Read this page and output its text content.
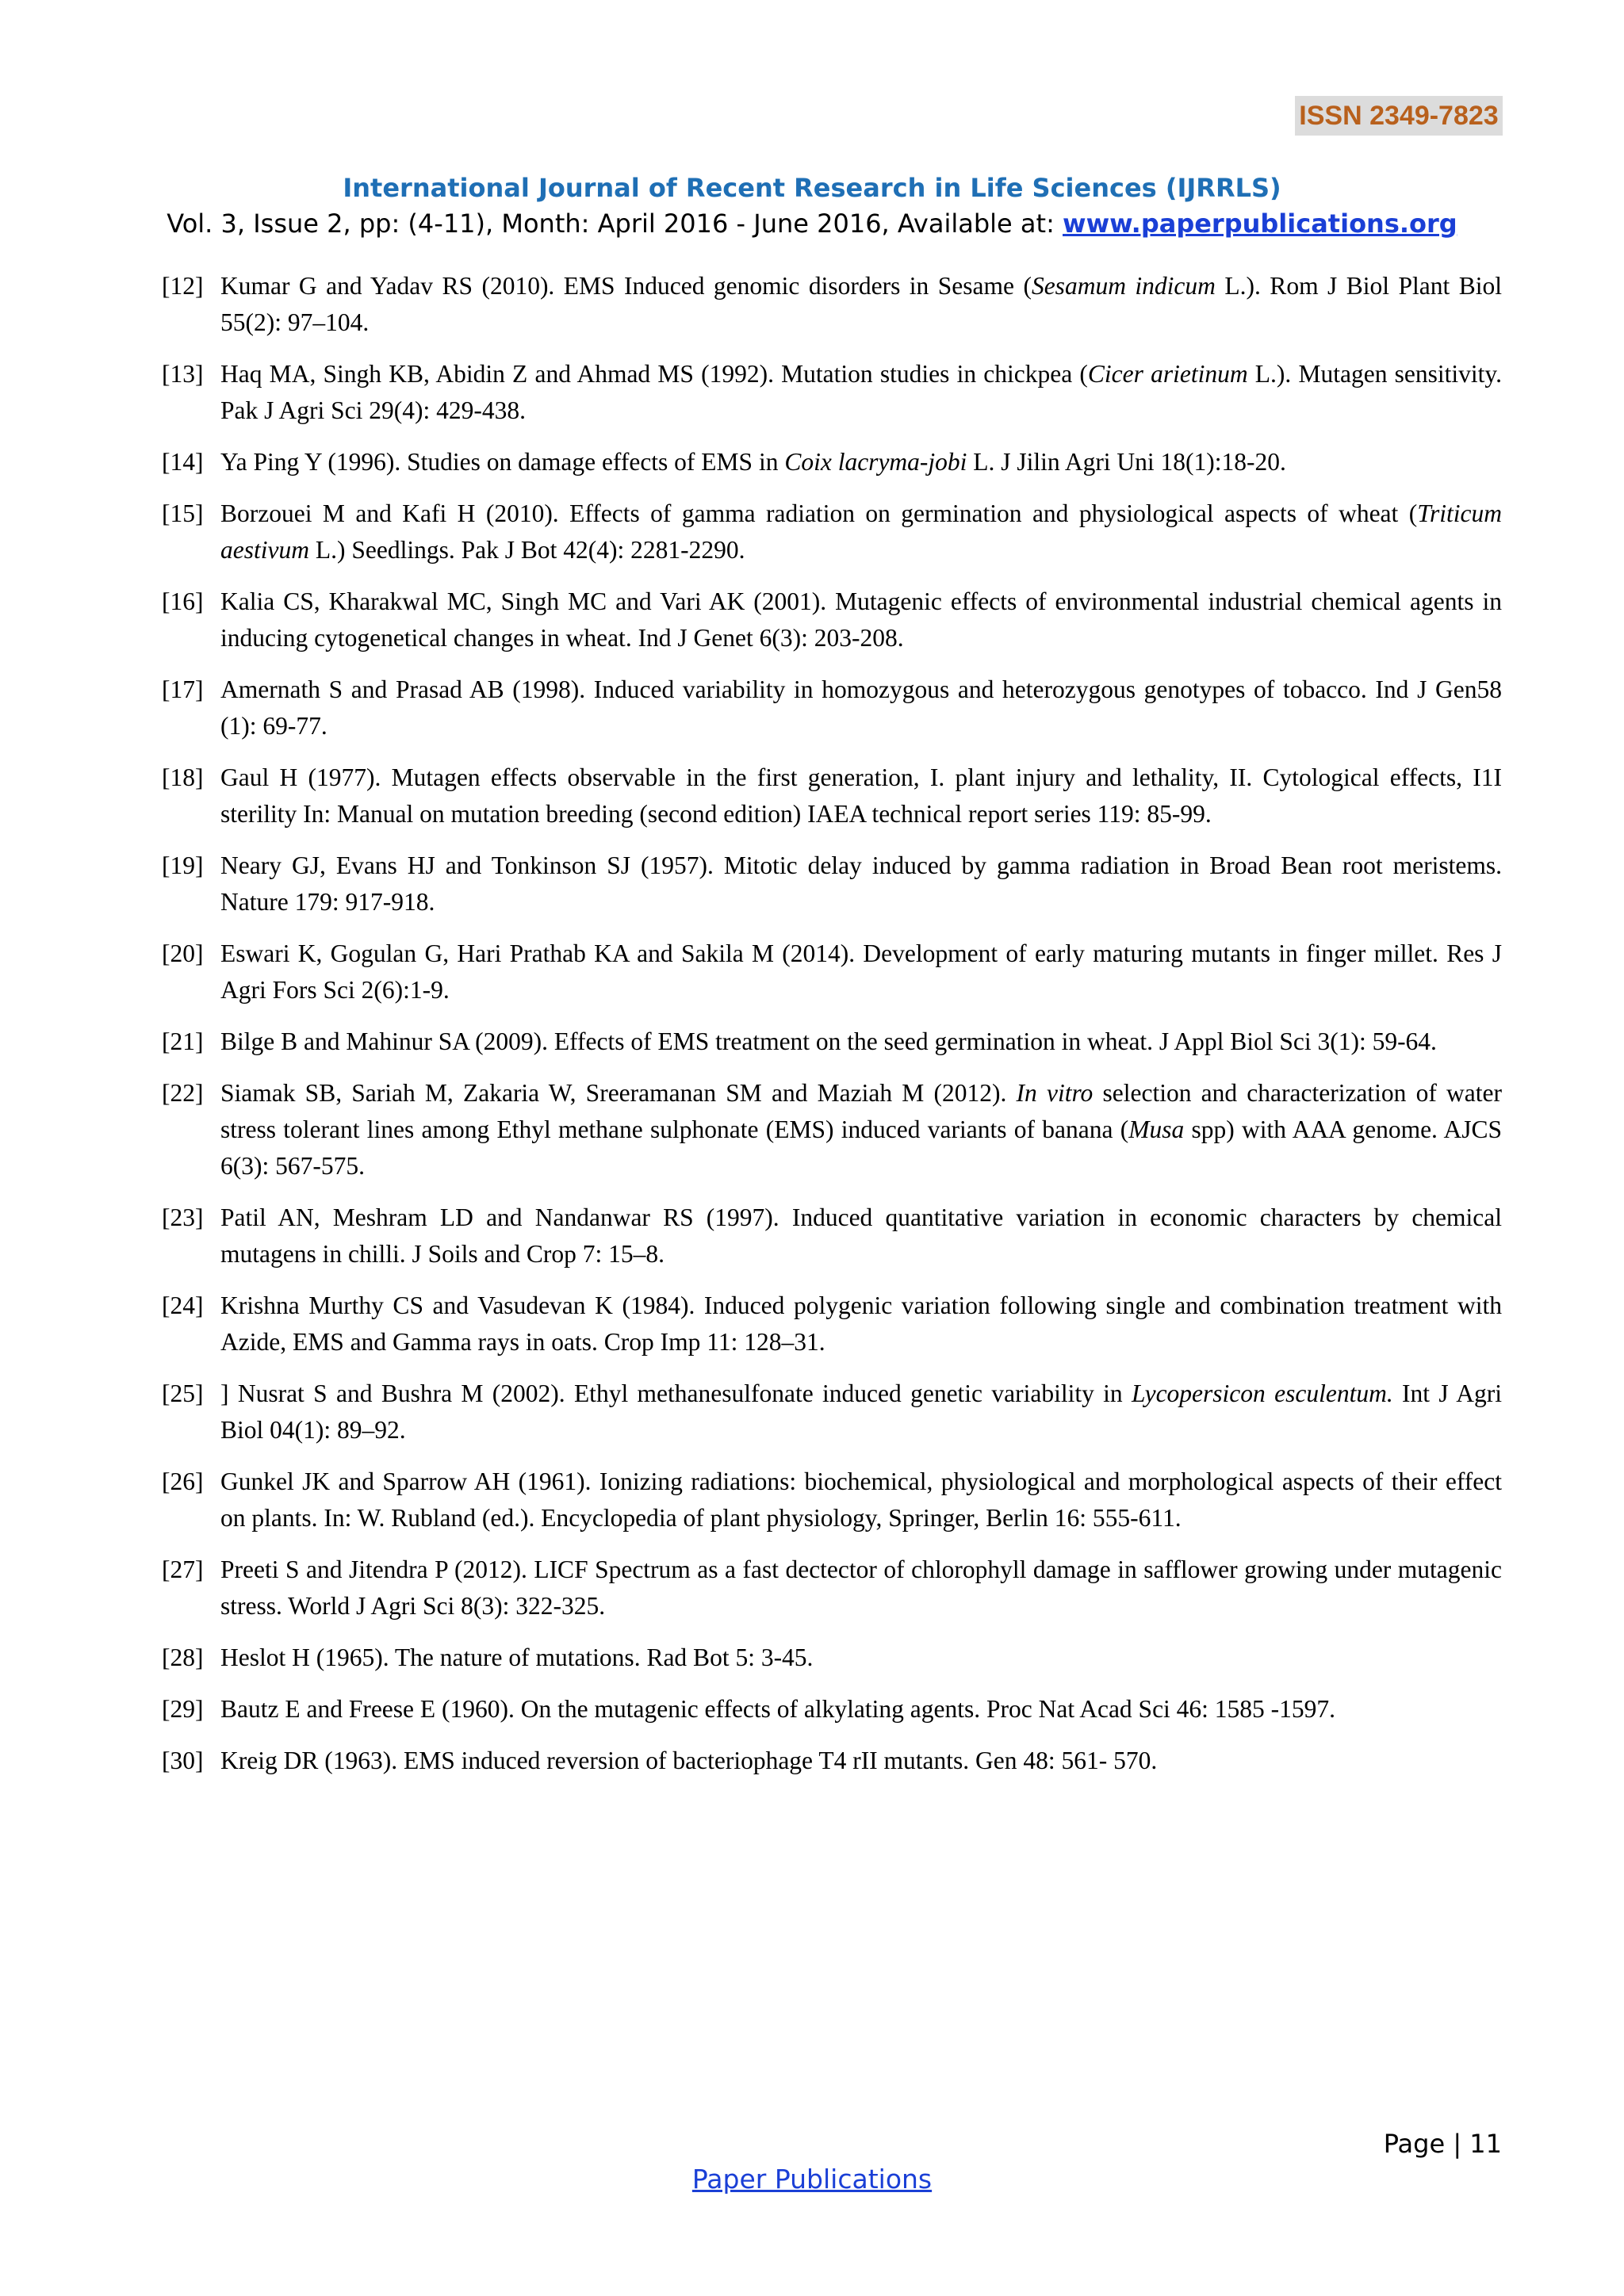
ISSN 2349-7823
International Journal of Recent Research in Life Sciences (IJRRLS)
Vol. 3, Issue 2, pp: (4-11), Month: April 2016 - June 2016, Available at: www.paperpublications.org
[12] Kumar G and Yadav RS (2010). EMS Induced genomic disorders in Sesame (Sesamum indicum L.). Rom J Biol Plant Biol 55(2): 97–104.
[13] Haq MA, Singh KB, Abidin Z and Ahmad MS (1992). Mutation studies in chickpea (Cicer arietinum L.). Mutagen sensitivity. Pak J Agri Sci 29(4): 429-438.
[14] Ya Ping Y (1996). Studies on damage effects of EMS in Coix lacryma-jobi L. J Jilin Agri Uni 18(1):18-20.
[15] Borzouei M and Kafi H (2010). Effects of gamma radiation on germination and physiological aspects of wheat (Triticum aestivum L.) Seedlings. Pak J Bot 42(4): 2281-2290.
[16] Kalia CS, Kharakwal MC, Singh MC and Vari AK (2001). Mutagenic effects of environmental industrial chemical agents in inducing cytogenetical changes in wheat. Ind J Genet 6(3): 203-208.
[17] Amernath S and Prasad AB (1998). Induced variability in homozygous and heterozygous genotypes of tobacco. Ind J Gen58 (1): 69-77.
[18] Gaul H (1977). Mutagen effects observable in the first generation, I. plant injury and lethality, II. Cytological effects, I1I sterility In: Manual on mutation breeding (second edition) IAEA technical report series 119: 85-99.
[19] Neary GJ, Evans HJ and Tonkinson SJ (1957). Mitotic delay induced by gamma radiation in Broad Bean root meristems. Nature 179: 917-918.
[20] Eswari K, Gogulan G, Hari Prathab KA and Sakila M (2014). Development of early maturing mutants in finger millet. Res J Agri Fors Sci 2(6):1-9.
[21] Bilge B and Mahinur SA (2009). Effects of EMS treatment on the seed germination in wheat. J Appl Biol Sci 3(1): 59-64.
[22] Siamak SB, Sariah M, Zakaria W, Sreeramanan SM and Maziah M (2012). In vitro selection and characterization of water stress tolerant lines among Ethyl methane sulphonate (EMS) induced variants of banana (Musa spp) with AAA genome. AJCS 6(3): 567-575.
[23] Patil AN, Meshram LD and Nandanwar RS (1997). Induced quantitative variation in economic characters by chemical mutagens in chilli. J Soils and Crop 7: 15–8.
[24] Krishna Murthy CS and Vasudevan K (1984). Induced polygenic variation following single and combination treatment with Azide, EMS and Gamma rays in oats. Crop Imp 11: 128–31.
[25] ] Nusrat S and Bushra M (2002). Ethyl methanesulfonate induced genetic variability in Lycopersicon esculentum. Int J Agri Biol 04(1): 89–92.
[26] Gunkel JK and Sparrow AH (1961). Ionizing radiations: biochemical, physiological and morphological aspects of their effect on plants. In: W. Rubland (ed.). Encyclopedia of plant physiology, Springer, Berlin 16: 555-611.
[27] Preeti S and Jitendra P (2012). LICF Spectrum as a fast dectector of chlorophyll damage in safflower growing under mutagenic stress. World J Agri Sci 8(3): 322-325.
[28] Heslot H (1965). The nature of mutations. Rad Bot 5: 3-45.
[29] Bautz E and Freese E (1960). On the mutagenic effects of alkylating agents. Proc Nat Acad Sci 46: 1585 -1597.
[30] Kreig DR (1963). EMS induced reversion of bacteriophage T4 rII mutants. Gen 48: 561- 570.
Page | 11
Paper Publications
